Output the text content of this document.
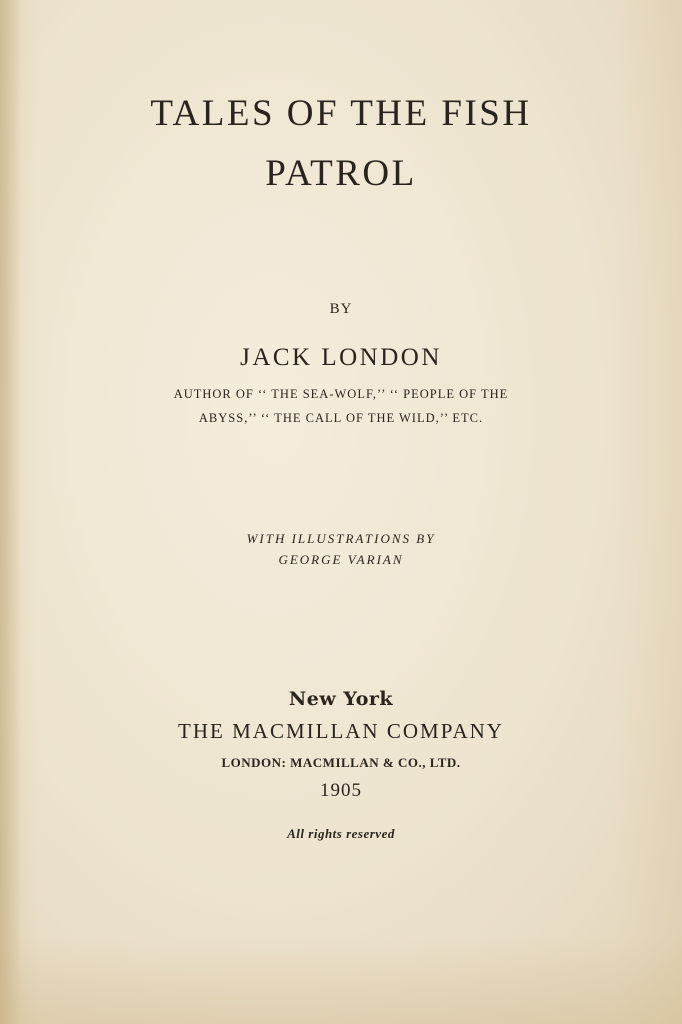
TALES OF THE FISH
PATROL
BY
JACK LONDON
AUTHOR OF ‘‘ THE SEA-WOLF,’’ ‘‘ PEOPLE OF THE
ABYSS,’’ ‘‘ THE CALL OF THE WILD,’’ ETC.
WITH ILLUSTRATIONS BY
GEORGE VARIAN
New York
THE MACMILLAN COMPANY
LONDON: MACMILLAN & CO., LTD.
1905
All rights reserved
